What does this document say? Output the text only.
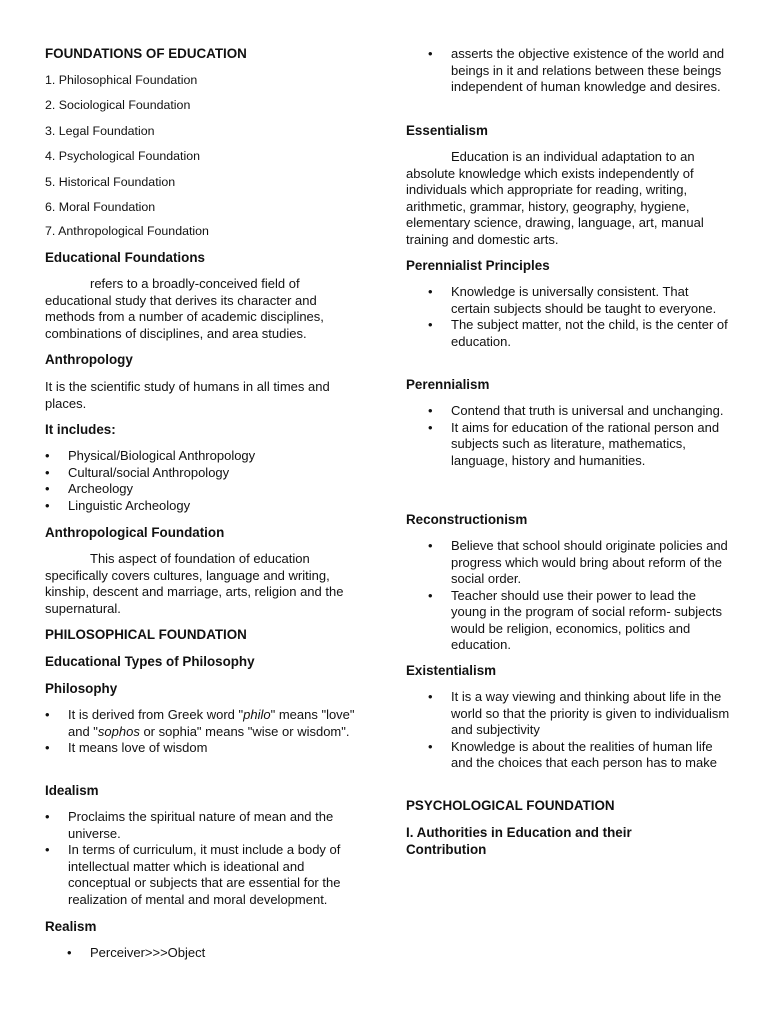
FOUNDATIONS OF EDUCATION
1. Philosophical Foundation
2. Sociological Foundation
3. Legal Foundation
4. Psychological Foundation
5. Historical Foundation
6. Moral Foundation
7. Anthropological Foundation
Educational Foundations

refers to a broadly-conceived field of educational study that derives its character and methods from a number of academic disciplines, combinations of disciplines, and area studies.

Anthropology

It is the scientific study of humans in all times and places.

It includes:
• Physical/Biological Anthropology
• Cultural/social Anthropology
• Archeology
• Linguistic Archeology
Anthropological Foundation

This aspect of foundation of education specifically covers cultures, language and writing, kinship, descent and marriage, arts, religion and the supernatural.

PHILOSOPHICAL FOUNDATION
Educational Types of Philosophy
Philosophy
• It is derived from Greek word "philo" means "love" and "sophos or sophia" means "wise or wisdom".
• It means love of wisdom
Idealism
• Proclaims the spiritual nature of mean and the universe.
• In terms of curriculum, it must include a body of intellectual matter which is ideational and conceptual or subjects that are essential for the realization of mental and moral development.
Realism
• Perceiver>>>Object
• asserts the objective existence of the world and beings in it and relations between these beings independent of human knowledge and desires.
Essentialism

Education is an individual adaptation to an absolute knowledge which exists independently of individuals which appropriate for reading, writing, arithmetic, grammar, history, geography, hygiene, elementary science, drawing, language, art, manual training and domestic arts.

Perennialist Principles
• Knowledge is universally consistent. That certain subjects should be taught to everyone.
• The subject matter, not the child, is the center of education.
Perennialism
• Contend that truth is universal and unchanging.
• It aims for education of the rational person and subjects such as literature, mathematics, language, history and humanities.
Reconstructionism
• Believe that school should originate policies and progress which would bring about reform of the social order.
• Teacher should use their power to lead the young in the program of social reform- subjects would be religion, economics, politics and education.
Existentialism
• It is a way viewing and thinking about life in the world so that the priority is given to individualism and subjectivity
• Knowledge is about the realities of human life and the choices that each person has to make
PSYCHOLOGICAL FOUNDATION
I. Authorities in Education and their Contribution
